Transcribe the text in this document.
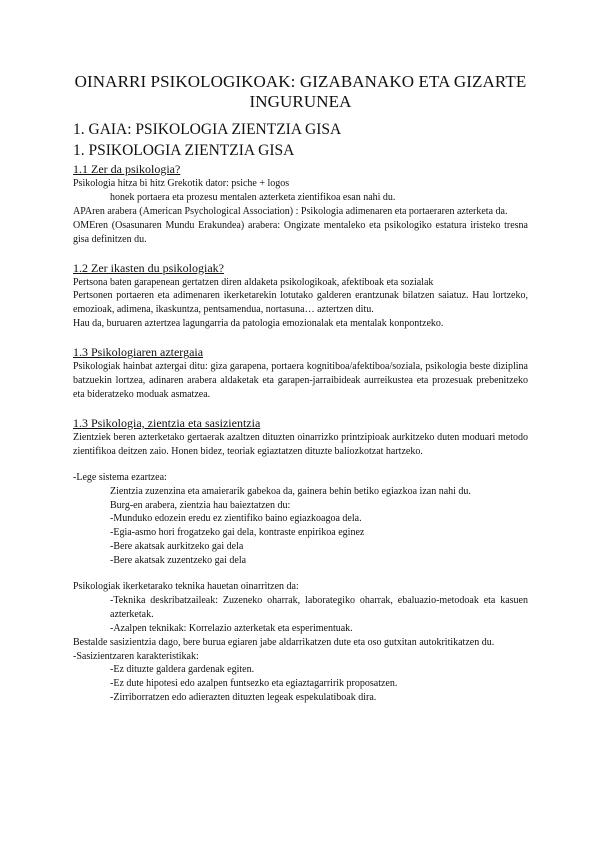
OINARRI PSIKOLOGIKOAK: GIZABANAKO ETA GIZARTE
INGURUNEA
1. GAIA: PSIKOLOGIA ZIENTZIA GISA
1. PSIKOLOGIA ZIENTZIA GISA
1.1 Zer da psikologia?

Psikologia hitza bi hitz Grekotik dator: psiche + logos

honek portaera eta prozesu mentalen azterketa zientifikoa esan nahi du.

APAren arabera (American Psychological Association) : Psikologia adimenaren eta portaeraren azterketa da.

OMEren (Osasunaren Mundu Erakundea) arabera: Ongizate mentaleko eta psikologiko estatura iristeko tresna gisa definitzen du.

1.2 Zer ikasten du psikologiak?

Pertsona baten garapenean gertatzen diren aldaketa psikologikoak, afektiboak eta sozialak

Pertsonen portaeren eta adimenaren ikerketarekin lotutako galderen erantzunak bilatzen saiatuz. Hau lortzeko, emozioak, adimena, ikaskuntza, pentsamendua, nortasuna… aztertzen ditu.

Hau da, buruaren aztertzea lagungarria da patologia emozionalak eta mentalak konpontzeko.

1.3 Psikologiaren aztergaia

Psikologiak hainbat aztergai ditu: giza garapena, portaera kognitiboa/afektiboa/soziala, psikologia beste diziplina batzuekin lortzea, adinaren arabera aldaketak eta garapen-jarraibideak aurreikustea eta prozesuak prebenitzeko eta bideratzeko moduak asmatzea.

1.3 Psikologia, zientzia eta sasizientzia

Zientziek beren azterketako gertaerak azaltzen dituzten oinarrizko printzipioak aurkitzeko duten moduari metodo zientifikoa deitzen zaio. Honen bidez, teoriak egiaztatzen dituzte baliozkotzat hartzeko.

-Lege sistema ezartzea:

Zientzia zuzenzina eta amaierarik gabekoa da, gainera behin betiko egiazkoa izan nahi du.

Burg-en arabera, zientzia hau baieztatzen du:

-Munduko edozein eredu ez zientifiko baino egiazkoagoa dela.

-Egia-asmo hori frogatzeko gai dela, kontraste enpirikoa eginez

-Bere akatsak aurkitzeko gai dela

-Bere akatsak zuzentzeko gai dela

Psikologiak ikerketarako teknika hauetan oinarritzen da:

-Teknika deskribatzaileak: Zuzeneko oharrak, laborategiko oharrak, ebaluazio-metodoak eta kasuen azterketak.

-Azalpen teknikak: Korrelazio azterketak eta esperimentuak.

Bestalde sasizientzia dago, bere burua egiaren jabe aldarrikatzen dute eta oso gutxitan autokritikatzen du.

-Sasizientzaren karakteristikak:

-Ez dituzte galdera gardenak egiten.

-Ez dute hipotesi edo azalpen funtsezko eta egiaztagarririk proposatzen.

-Zirriborratzen edo adierazten dituzten legeak espekulatiboak dira.
